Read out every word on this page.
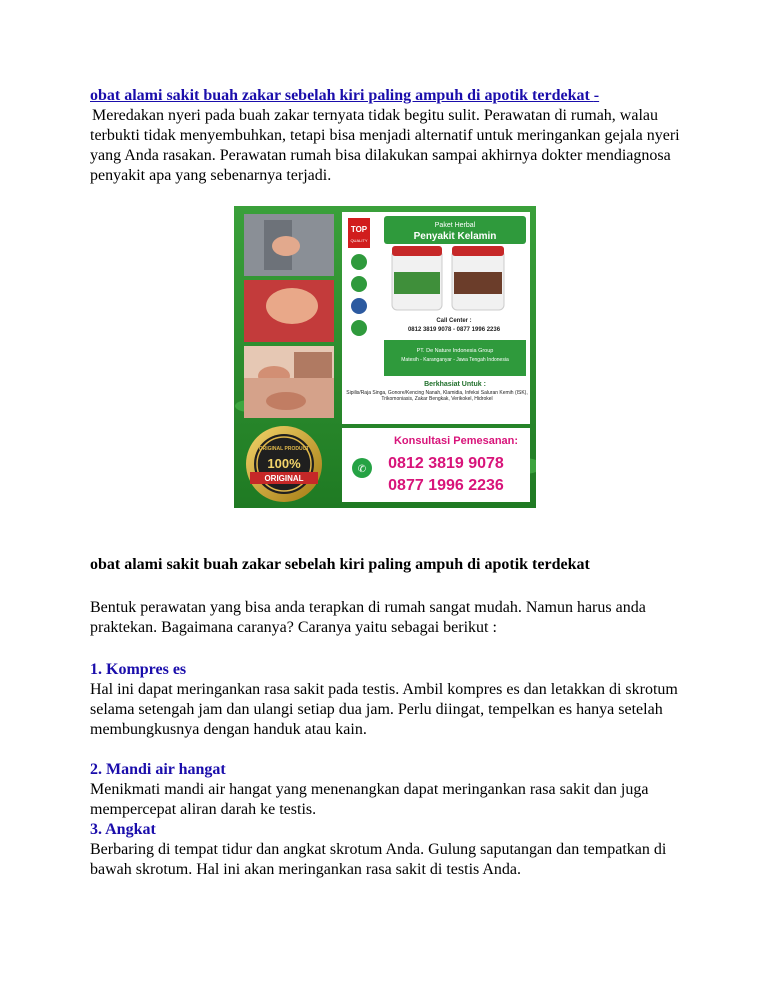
obat alami sakit buah zakar sebelah kiri paling ampuh di apotik terdekat -

Meredakan nyeri pada buah zakar ternyata tidak begitu sulit. Perawatan di rumah, walau terbukti tidak menyembuhkan, tetapi bisa menjadi alternatif untuk meringankan gejala nyeri yang Anda rasakan. Perawatan rumah bisa dilakukan sampai akhirnya dokter mendiagnosa penyakit apa yang sebenarnya terjadi.

TOP
QUALITY
Paket Herbal
Penyakit Kelamin
Call Center :
0812 3819 9078 - 0877 1996 2236
PT. De Nature Indonesia Group
Matesih - Karanganyar - Jawa Tengah Indonesia
Berkhasiat Untuk :
Sipilis/Raja Singa, Gonore/Kencing Nanah, Klamidia, Infeksi Saluran Kemih (ISK), Trikomoniasis, Zakar Bengkak, Verikokel, Hidrokel
Konsultasi Pemesanan:
✆ 0812 3819 9078
0877 1996 2236
ORIGINAL PRODUCT
100%
ORIGINAL
obat alami sakit buah zakar sebelah kiri paling ampuh di apotik terdekat

Bentuk perawatan yang bisa anda terapkan di rumah sangat mudah. Namun harus anda praktekan. Bagaimana caranya? Caranya yaitu sebagai berikut :

1. Kompres es
Hal ini dapat meringankan rasa sakit pada testis. Ambil kompres es dan letakkan di skrotum selama setengah jam dan ulangi setiap dua jam. Perlu diingat, tempelkan es hanya setelah membungkusnya dengan handuk atau kain.
2. Mandi air hangat
Menikmati mandi air hangat yang menenangkan dapat meringankan rasa sakit dan juga mempercepat aliran darah ke testis.
3. Angkat
Berbaring di tempat tidur dan angkat skrotum Anda. Gulung saputangan dan tempatkan di bawah skrotum. Hal ini akan meringankan rasa sakit di testis Anda.
